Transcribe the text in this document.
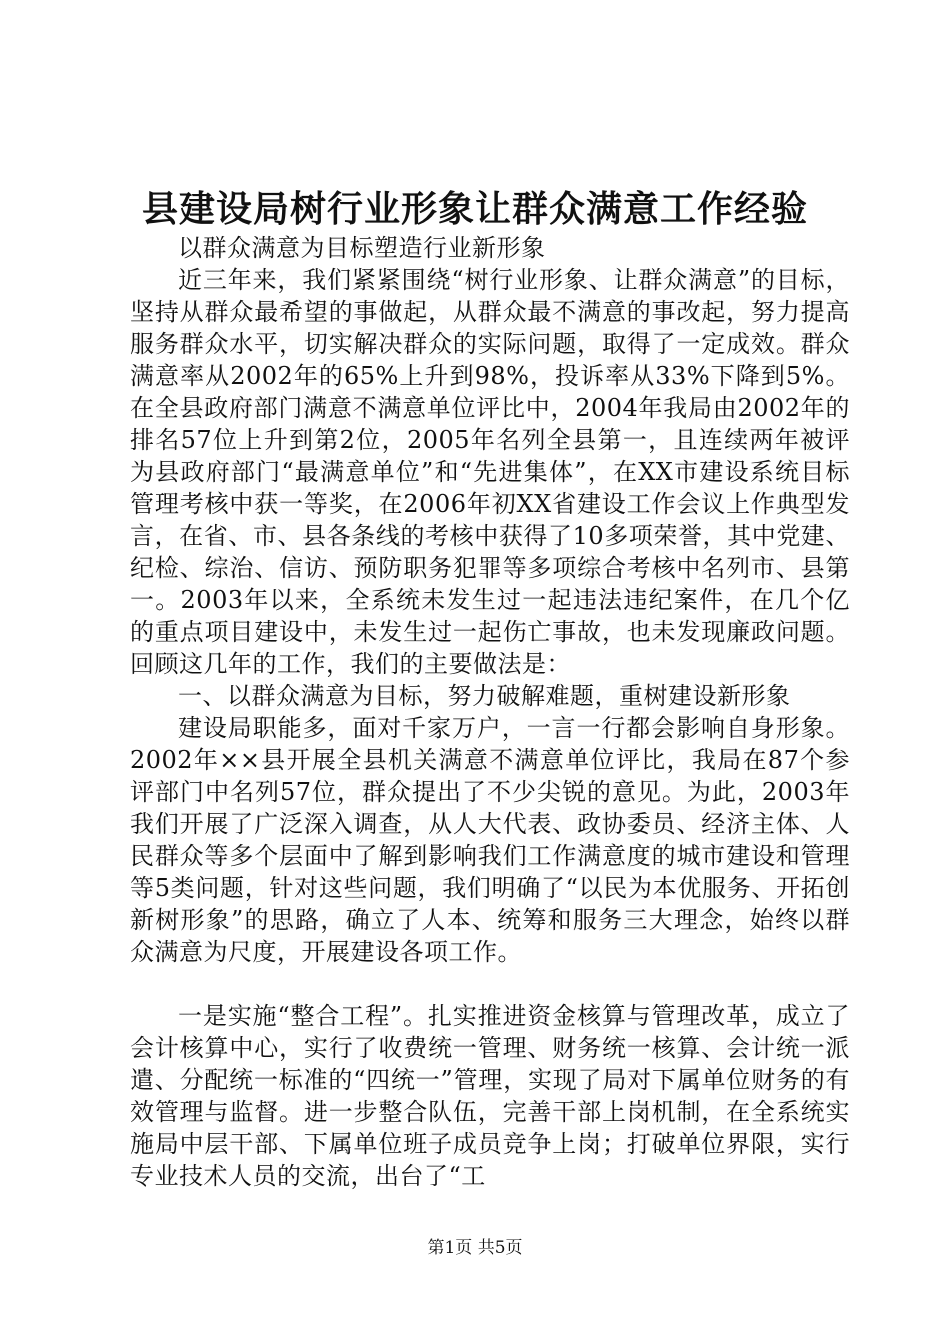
县建设局树行业形象让群众满意工作经验

以群众满意为目标塑造行业新形象

近三年来，我们紧紧围绕“树行业形象、让群众满意”的目标，坚持从群众最希望的事做起，从群众最不满意的事改起，努力提高服务群众水平，切实解决群众的实际问题，取得了一定成效。群众满意率从2002年的65%上升到98%，投诉率从33%下降到5%。在全县政府部门满意不满意单位评比中，2004年我局由2002年的排名57位上升到第2位，2005年名列全县第一，且连续两年被评为县政府部门“最满意单位”和“先进集体”，在XX市建设系统目标管理考核中获一等奖，在2006年初XX省建设工作会议上作典型发言，在省、市、县各条线的考核中获得了10多项荣誉，其中党建、纪检、综治、信访、预防职务犯罪等多项综合考核中名列市、县第一。2003年以来，全系统未发生过一起违法违纪案件，在几个亿的重点项目建设中，未发生过一起伤亡事故，也未发现廉政问题。回顾这几年的工作，我们的主要做法是：

一、以群众满意为目标，努力破解难题，重树建设新形象

建设局职能多，面对千家万户，一言一行都会影响自身形象。2002年××县开展全县机关满意不满意单位评比，我局在87个参评部门中名列57位，群众提出了不少尖锐的意见。为此，2003年我们开展了广泛深入调查，从人大代表、政协委员、经济主体、人民群众等多个层面中了解到影响我们工作满意度的城市建设和管理等5类问题，针对这些问题，我们明确了“以民为本优服务、开拓创新树形象”的思路，确立了人本、统筹和服务三大理念，始终以群众满意为尺度，开展建设各项工作。

一是实施“整合工程”。扎实推进资金核算与管理改革，成立了会计核算中心，实行了收费统一管理、财务统一核算、会计统一派遣、分配统一标准的“四统一”管理，实现了局对下属单位财务的有效管理与监督。进一步整合队伍，完善干部上岗机制，在全系统实施局中层干部、下属单位班子成员竞争上岗；打破单位界限，实行专业技术人员的交流，出台了“工

第1页 共5页
